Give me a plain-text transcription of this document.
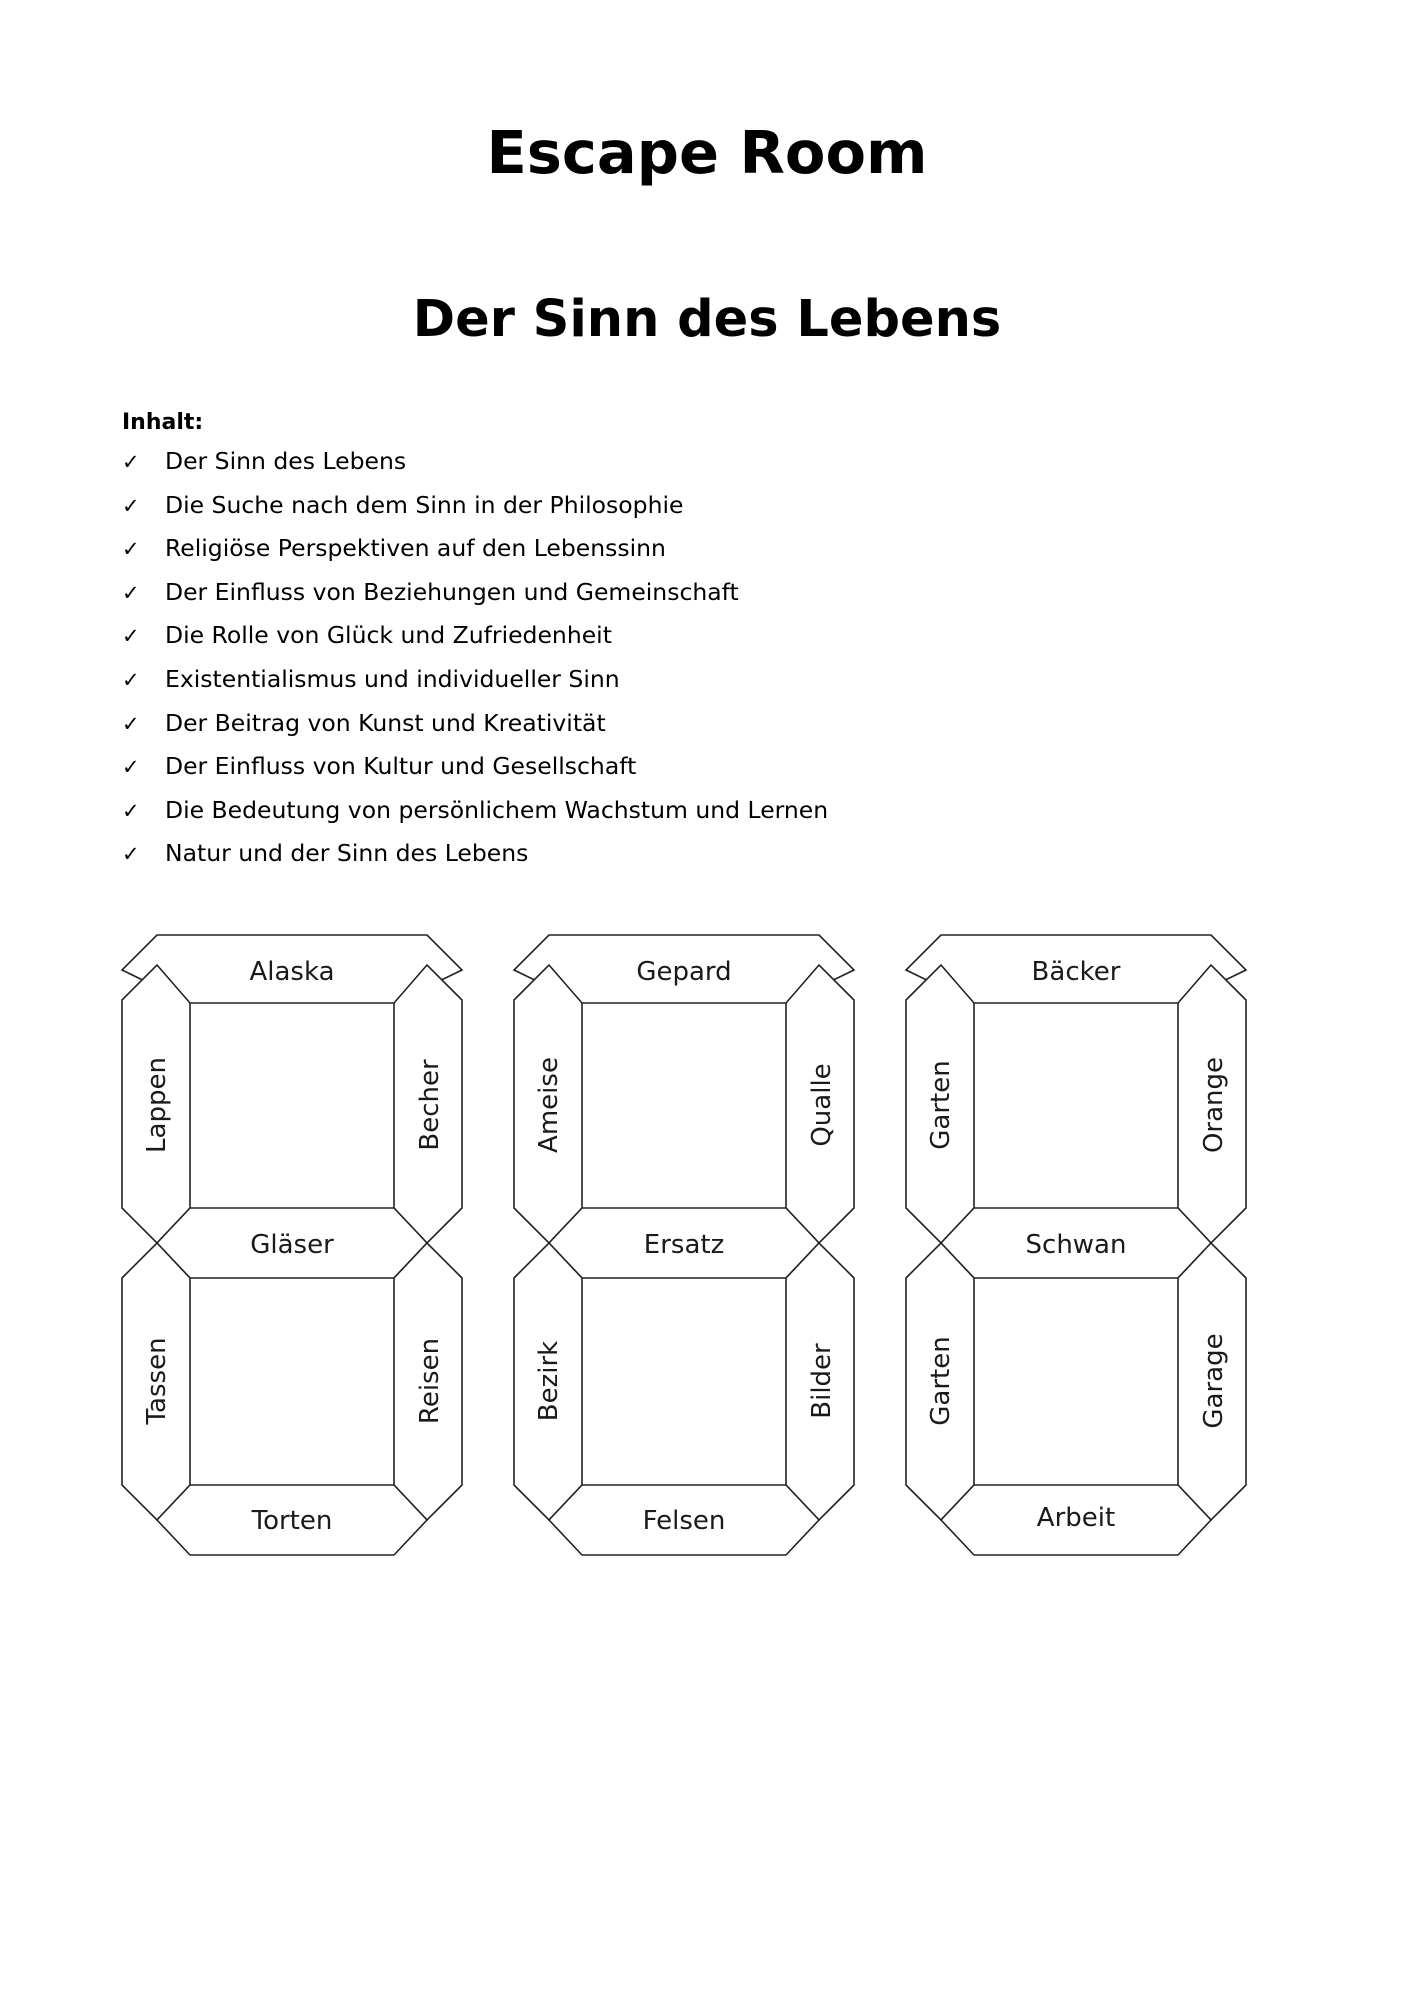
Escape Room
Der Sinn des Lebens
Inhalt:
✓ Der Sinn des Lebens
✓ Die Suche nach dem Sinn in der Philosophie
✓ Religiöse Perspektiven auf den Lebenssinn
✓ Der Einfluss von Beziehungen und Gemeinschaft
✓ Die Rolle von Glück und Zufriedenheit
✓ Existentialismus und individueller Sinn
✓ Der Beitrag von Kunst und Kreativität
✓ Der Einfluss von Kultur und Gesellschaft
✓ Die Bedeutung von persönlichem Wachstum und Lernen
✓ Natur und der Sinn des Lebens
Alaska
Lappen	Becher
Gläser
Tassen	Reisen
Torten
Gepard
Ameise	Qualle
Ersatz
Bezirk	Bilder
Felsen
Bäcker
Garten	Orange
Schwan
Garten	Garage
Arbeit
